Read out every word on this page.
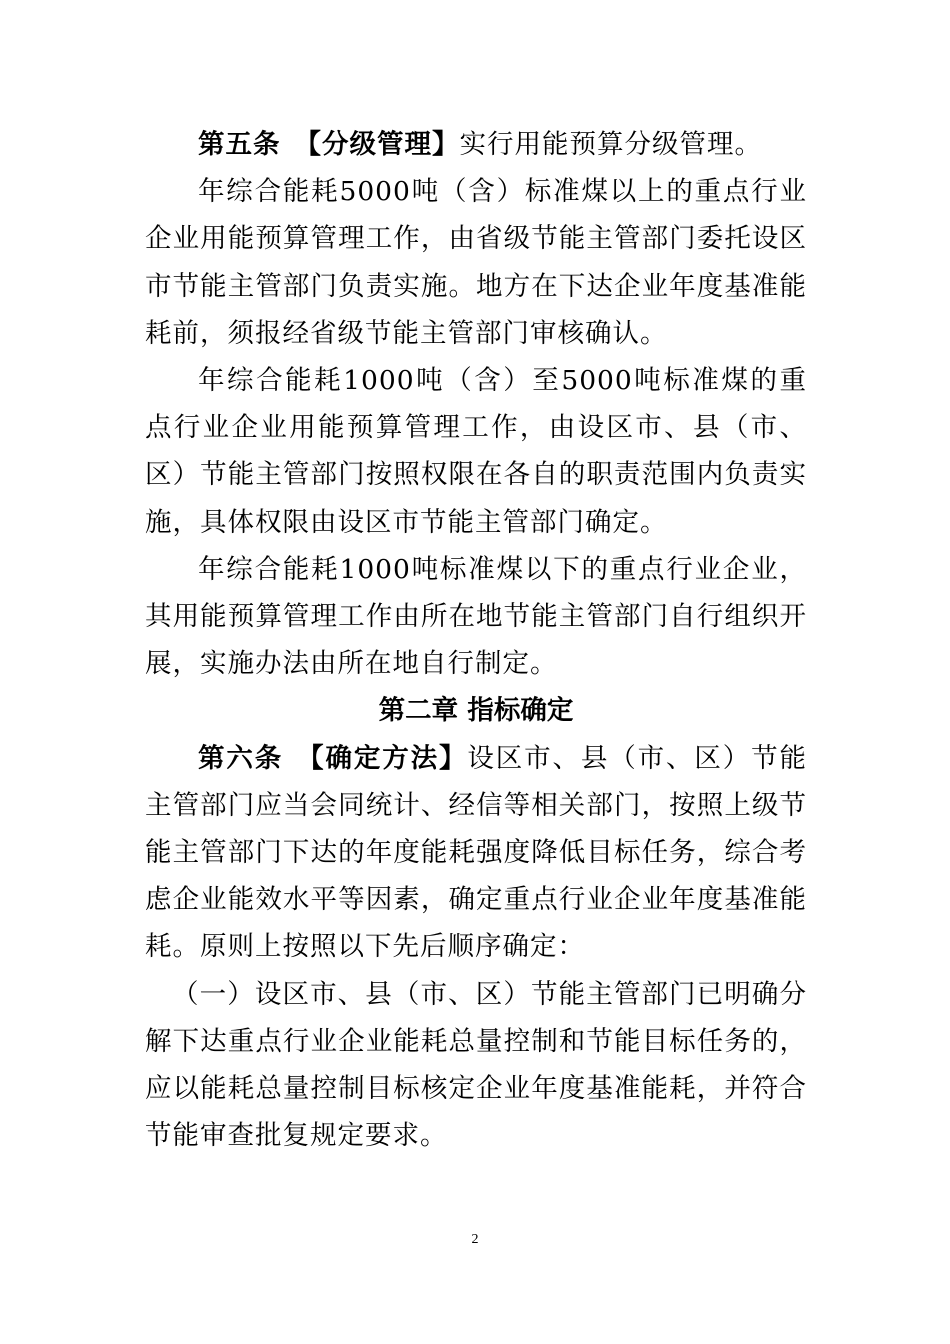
第五条 【分级管理】实行用能预算分级管理。

年综合能耗5000吨（含）标准煤以上的重点行业企业用能预算管理工作，由省级节能主管部门委托设区市节能主管部门负责实施。地方在下达企业年度基准能耗前，须报经省级节能主管部门审核确认。

年综合能耗1000吨（含）至5000吨标准煤的重点行业企业用能预算管理工作，由设区市、县（市、区）节能主管部门按照权限在各自的职责范围内负责实施，具体权限由设区市节能主管部门确定。

年综合能耗1000吨标准煤以下的重点行业企业，其用能预算管理工作由所在地节能主管部门自行组织开展，实施办法由所在地自行制定。

第二章 指标确定

第六条 【确定方法】设区市、县（市、区）节能主管部门应当会同统计、经信等相关部门，按照上级节能主管部门下达的年度能耗强度降低目标任务，综合考虑企业能效水平等因素，确定重点行业企业年度基准能耗。原则上按照以下先后顺序确定：

（一）设区市、县（市、区）节能主管部门已明确分解下达重点行业企业能耗总量控制和节能目标任务的，应以能耗总量控制目标核定企业年度基准能耗，并符合节能审查批复规定要求。

2
